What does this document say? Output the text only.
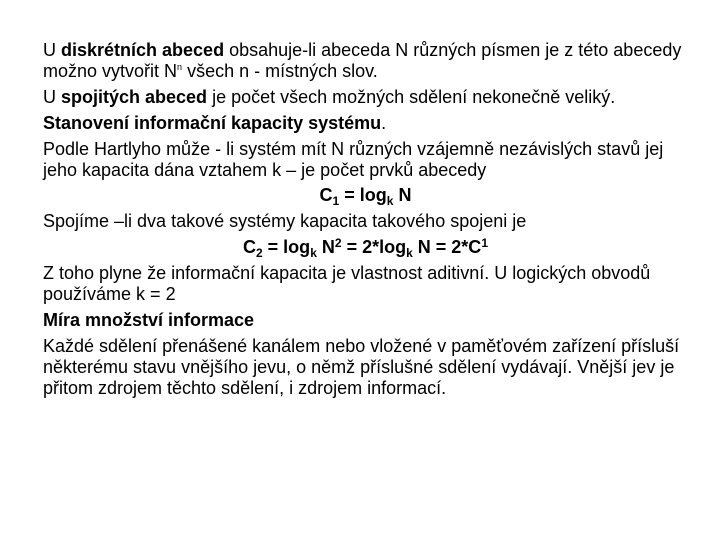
U diskrétních abeced obsahuje-li abeceda N různých písmen je z této abecedy možno vytvořit $N^n$ všech n - místných slov.

U spojitých abeced je počet všech možných sdělení nekonečně veliký.

Stanovení informační kapacity systému.

Podle Hartlyho může - li systém mít N různých vzájemně nezávislých stavů jej jeho kapacita dána vztahem k – je počet prvků abecedy

$C_1 = \log_k N$

Spojíme –li dva takové systémy kapacita takového spojeni je

$C_2 = \log_k N^2 = 2*\log_k$ $N = 2*C^1$

Z toho plyne že informační kapacita je vlastnost aditivní. U logických obvodů používáme k = 2

Míra množství informace

Každé sdělení přenášené kanálem nebo vložené v paměťovém zařízení přísluší některému stavu vnějšího jevu, o němž příslušné sdělení vydávají. Vnější jev je přitom zdrojem těchto sdělení, i zdrojem informací.
